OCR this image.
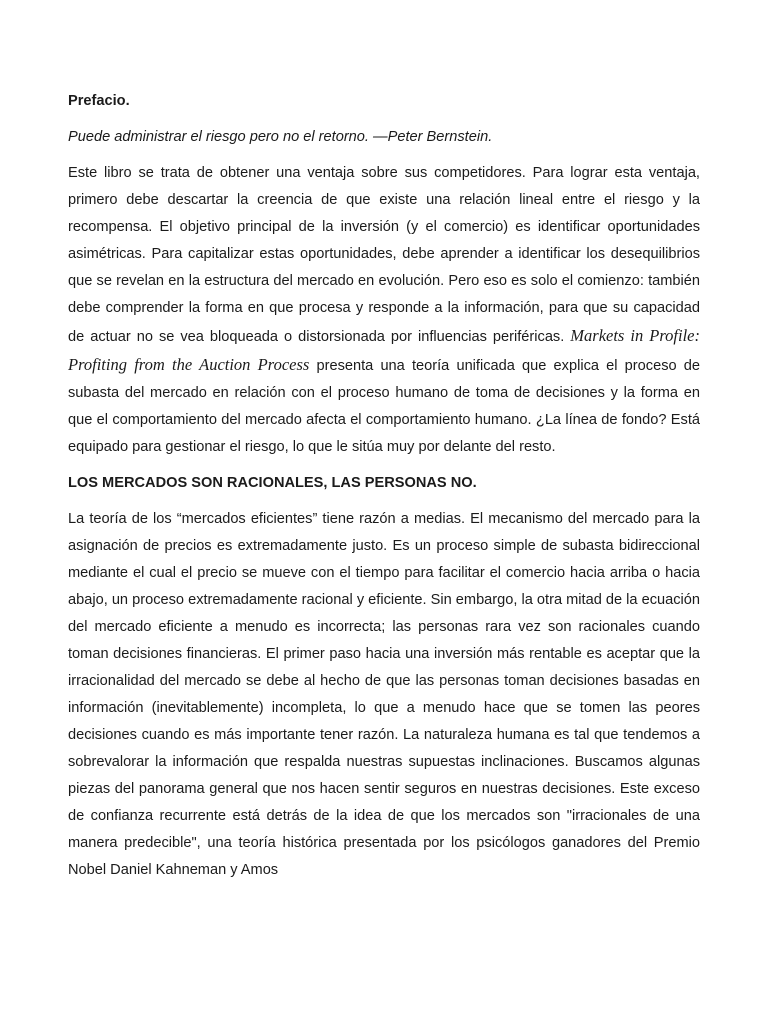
Prefacio.
Puede administrar el riesgo pero no el retorno. —Peter Bernstein.
Este libro se trata de obtener una ventaja sobre sus competidores. Para lograr esta ventaja, primero debe descartar la creencia de que existe una relación lineal entre el riesgo y la recompensa. El objetivo principal de la inversión (y el comercio) es identificar oportunidades asimétricas. Para capitalizar estas oportunidades, debe aprender a identificar los desequilibrios que se revelan en la estructura del mercado en evolución. Pero eso es solo el comienzo: también debe comprender la forma en que procesa y responde a la información, para que su capacidad de actuar no se vea bloqueada o distorsionada por influencias periféricas. Markets in Profile: Profiting from the Auction Process presenta una teoría unificada que explica el proceso de subasta del mercado en relación con el proceso humano de toma de decisiones y la forma en que el comportamiento del mercado afecta el comportamiento humano. ¿La línea de fondo? Está equipado para gestionar el riesgo, lo que le sitúa muy por delante del resto.
LOS MERCADOS SON RACIONALES, LAS PERSONAS NO.
La teoría de los “mercados eficientes” tiene razón a medias. El mecanismo del mercado para la asignación de precios es extremadamente justo. Es un proceso simple de subasta bidireccional mediante el cual el precio se mueve con el tiempo para facilitar el comercio hacia arriba o hacia abajo, un proceso extremadamente racional y eficiente. Sin embargo, la otra mitad de la ecuación del mercado eficiente a menudo es incorrecta; las personas rara vez son racionales cuando toman decisiones financieras. El primer paso hacia una inversión más rentable es aceptar que la irracionalidad del mercado se debe al hecho de que las personas toman decisiones basadas en información (inevitablemente) incompleta, lo que a menudo hace que se tomen las peores decisiones cuando es más importante tener razón. La naturaleza humana es tal que tendemos a sobrevalorar la información que respalda nuestras supuestas inclinaciones. Buscamos algunas piezas del panorama general que nos hacen sentir seguros en nuestras decisiones. Este exceso de confianza recurrente está detrás de la idea de que los mercados son "irracionales de una manera predecible", una teoría histórica presentada por los psicólogos ganadores del Premio Nobel Daniel Kahneman y Amos
